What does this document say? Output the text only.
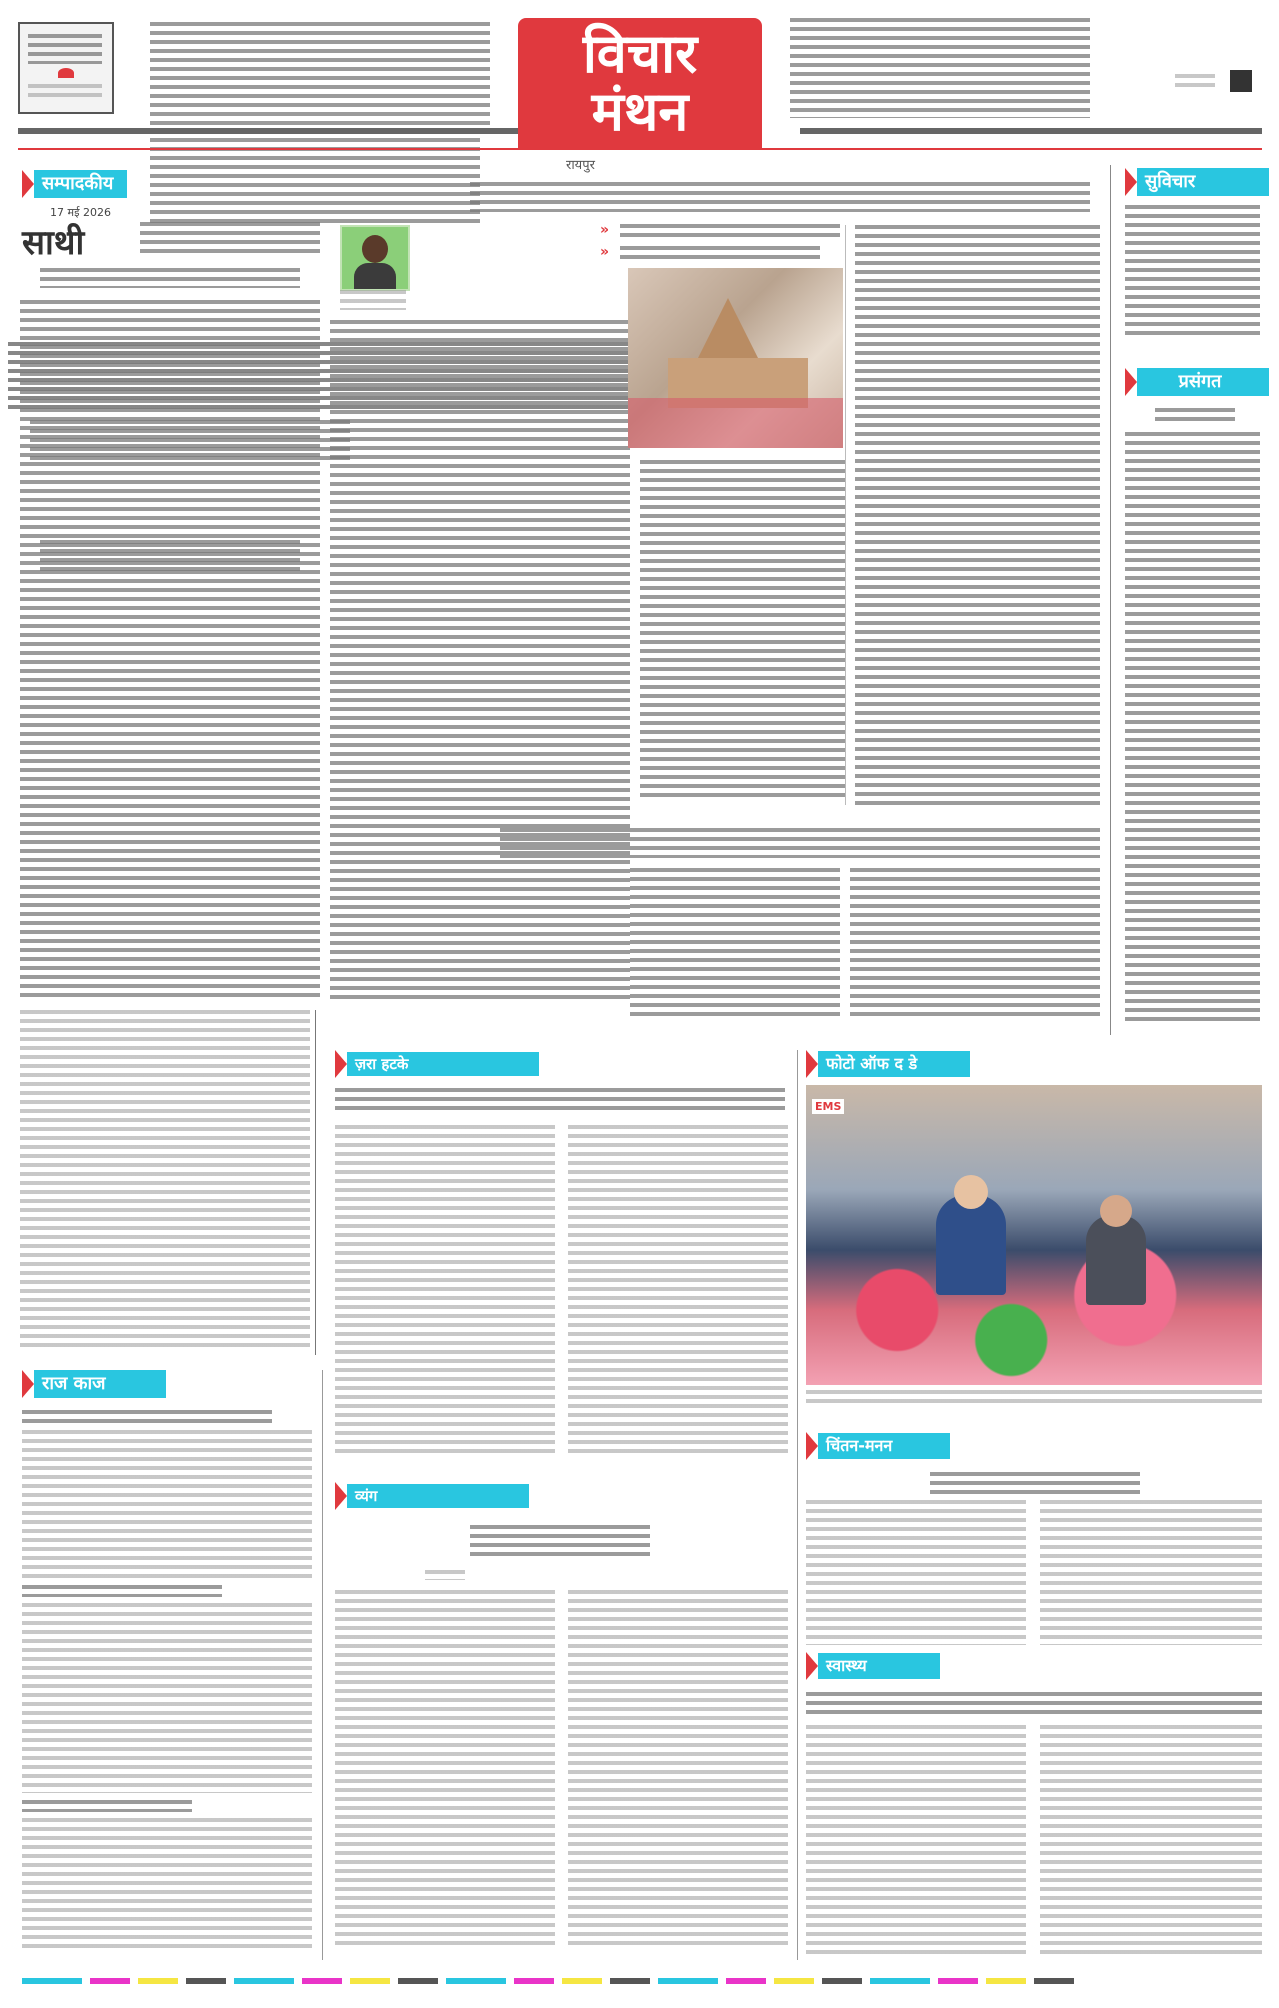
विचार
मंथन
रायपुर
सम्पादकीय
17 मई 2026
साथी	»
»
सुविचार
प्रसंगत
ज़रा हटके	फोटो ऑफ द डे
EMS
राज काज
व्यंग
चिंतन-मनन
स्वास्थ्य
